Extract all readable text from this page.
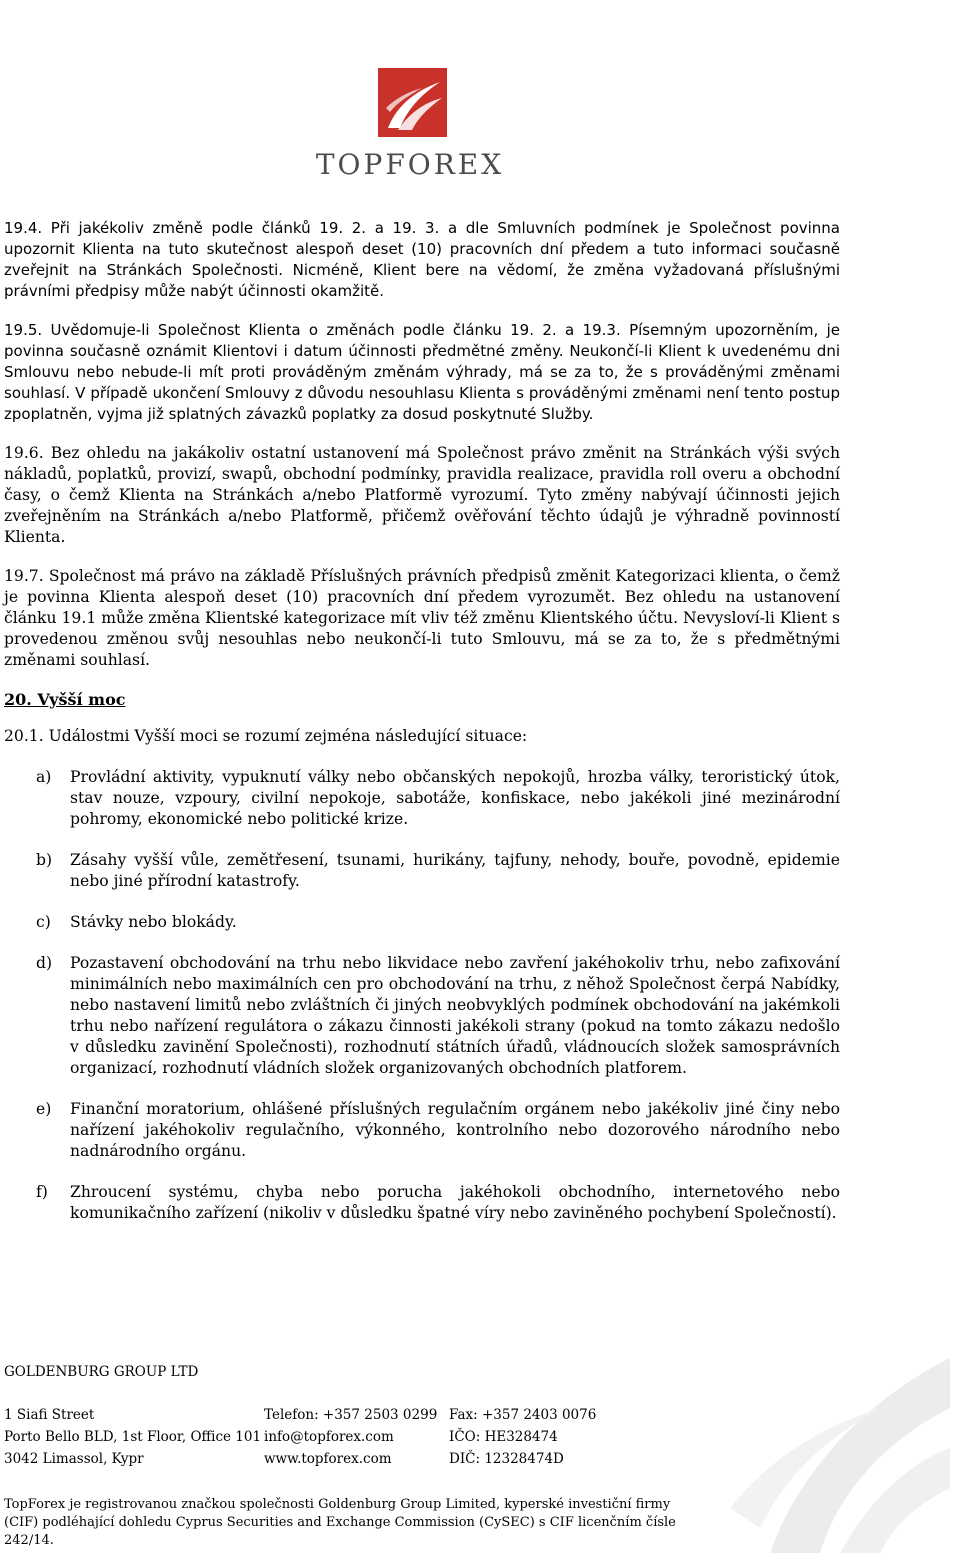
TOPFOREX

19.4. Při jakékoliv změně podle článků 19. 2. a 19. 3. a dle Smluvních podmínek je Společnost povinna upozornit Klienta na tuto skutečnost alespoň deset (10) pracovních dní předem a tuto informaci současně zveřejnit na Stránkách Společnosti. Nicméně, Klient bere na vědomí, že změna vyžadovaná příslušnými právními předpisy může nabýt účinnosti okamžitě.

19.5. Uvědomuje-li Společnost Klienta o změnách podle článku 19. 2. a 19.3. Písemným upozorněním, je povinna současně oznámit Klientovi i datum účinnosti předmětné změny. Neukončí-li Klient k uvedenému dni Smlouvu nebo nebude-li mít proti prováděným změnám výhrady, má se za to, že s prováděnými změnami souhlasí. V případě ukončení Smlouvy z důvodu nesouhlasu Klienta s prováděnými změnami není tento postup zpoplatněn, vyjma již splatných závazků poplatky za dosud poskytnuté Služby.

19.6. Bez ohledu na jakákoliv ostatní ustanovení má Společnost právo změnit na Stránkách výši svých nákladů, poplatků, provizí, swapů, obchodní podmínky, pravidla realizace, pravidla roll overu a obchodní časy, o čemž Klienta na Stránkách a/nebo Platformě vyrozumí. Tyto změny nabývají účinnosti jejich zveřejněním na Stránkách a/nebo Platformě, přičemž ověřování těchto údajů je výhradně povinností Klienta.

19.7. Společnost má právo na základě Příslušných právních předpisů změnit Kategorizaci klienta, o čemž je povinna Klienta alespoň deset (10) pracovních dní předem vyrozumět. Bez ohledu na ustanovení článku 19.1 může změna Klientské kategorizace mít vliv též změnu Klientského účtu. Nevysloví-li Klient s provedenou změnou svůj nesouhlas nebo neukončí-li tuto Smlouvu, má se za to, že s předmětnými změnami souhlasí.

20. Vyšší moc
20.1. Událostmi Vyšší moci se rozumí zejména následující situace:
a) Provládní aktivity, vypuknutí války nebo občanských nepokojů, hrozba války, teroristický útok, stav nouze, vzpoury, civilní nepokoje, sabotáže, konfiskace, nebo jakékoli jiné mezinárodní pohromy, ekonomické nebo politické krize.
b) Zásahy vyšší vůle, zemětřesení, tsunami, hurikány, tajfuny, nehody, bouře, povodně, epidemie nebo jiné přírodní katastrofy.
c) Stávky nebo blokády.
d) Pozastavení obchodování na trhu nebo likvidace nebo zavření jakéhokoliv trhu, nebo zafixování minimálních nebo maximálních cen pro obchodování na trhu, z něhož Společnost čerpá Nabídky, nebo nastavení limitů nebo zvláštních či jiných neobvyklých podmínek obchodování na jakémkoli trhu nebo nařízení regulátora o zákazu činnosti jakékoli strany (pokud na tomto zákazu nedošlo v důsledku zavinění Společnosti), rozhodnutí státních úřadů, vládnoucích složek samosprávních organizací, rozhodnutí vládních složek organizovaných obchodních platforem.
e) Finanční moratorium, ohlášené příslušných regulačním orgánem nebo jakékoliv jiné činy nebo nařízení jakéhokoliv regulačního, výkonného, kontrolního nebo dozorového národního nebo nadnárodního orgánu.
f) Zhroucení systému, chyba nebo porucha jakéhokoli obchodního, internetového nebo komunikačního zařízení (nikoliv v důsledku špatné víry nebo zaviněného pochybení Společností).
GOLDENBURG GROUP LTD
1 Siafi Street
Porto Bello BLD, 1st Floor, Office 101
3042 Limassol, Kypr
Telefon: +357 2503 0299
info@topforex.com
www.topforex.com
Fax: +357 2403 0076
IČO: HE328474
DIČ: 12328474D
TopForex je registrovanou značkou společnosti Goldenburg Group Limited, kyperské investiční firmy (CIF) podléhající dohledu Cyprus Securities and Exchange Commission (CySEC) s CIF licenčním čísle 242/14.
